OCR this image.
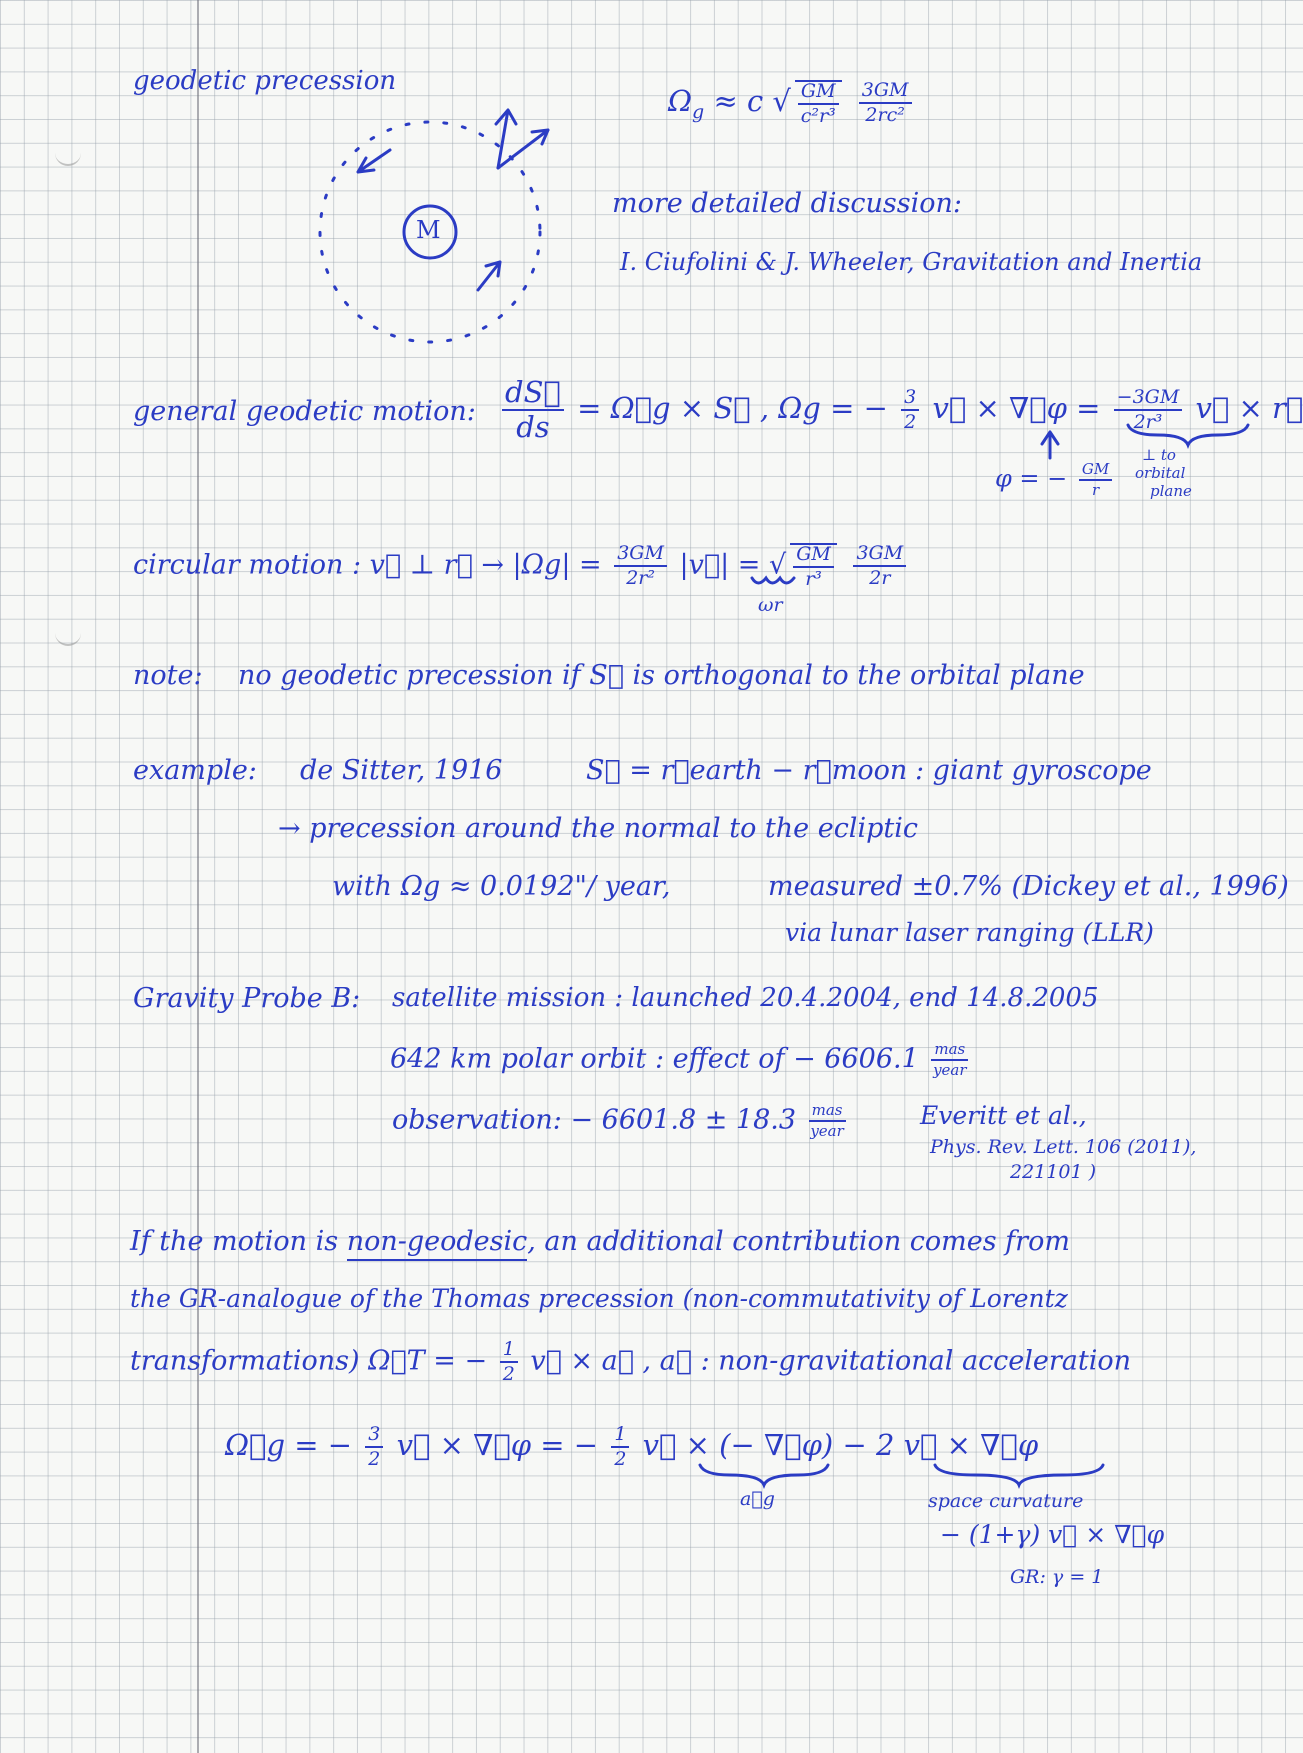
geodetic precession
M
$\Omega_g \approx c$ √ $\frac{GM}{\text{c²r³}}$
$\frac{3GM}{\text{2rc²}}$
more detailed discussion:
I. Ciufolini & J. Wheeler, Gravitation and Inertia
general geodetic motion: $\frac{dS⃗}{ds}$ = Ω⃗g × S⃗ , Ωg = − $\frac{3}{2}$ v⃗ × ∇⃗φ = $\frac{-3GM}{\text{2r³}}$ v⃗ × r⃗
⊥ to
orbital
plane
φ = − $\frac{GM}{r}$
circular motion : v⃗ ⊥ r⃗ → $|\Omega g| = \frac{3GM}{\text{2r²}}$ |v⃗| = √ $\frac{GM}{\text{r³}}$
$\frac{3GM}{2r}$
ωr
note: no geodetic precession if S⃗ is orthogonal to the orbital plane
example: de Sitter, 1916	S⃗ = r⃗earth − r⃗moon : giant gyroscope
→ precession around the normal to the ecliptic
with Ωg ≈ 0.0192"/ year,	measured ±0.7% (Dickey et al., 1996)
via lunar laser ranging (LLR)
Gravity Probe B: satellite mission : launched 20.4.2004, end 14.8.2005
642 km polar orbit : effect of − $6606.1 \frac{\text{mas}}{\text{year}}$
observation: − $6601.8 \pm 18.3 \frac{\text{mas}}{\text{year}}$	Everitt et al.,
Phys. Rev. Lett. 106 (2011),
221101 )
If the motion is non-geodesic, an additional contribution comes from
the GR-analogue of the Thomas precession (non-commutativity of Lorentz
transformations) Ω⃗T = − $\frac{1}{2}$ v⃗ × a⃗ , a⃗ : non-gravitational acceleration
Ω⃗g = − $\frac{3}{2}$ v⃗ × ∇⃗φ = − $\frac{1}{2}$ v⃗ × (− ∇⃗φ) − 2 v⃗ × ∇⃗φ
a⃗g	space curvature
− (1+γ) v⃗ × ∇⃗φ
GR: γ = 1
